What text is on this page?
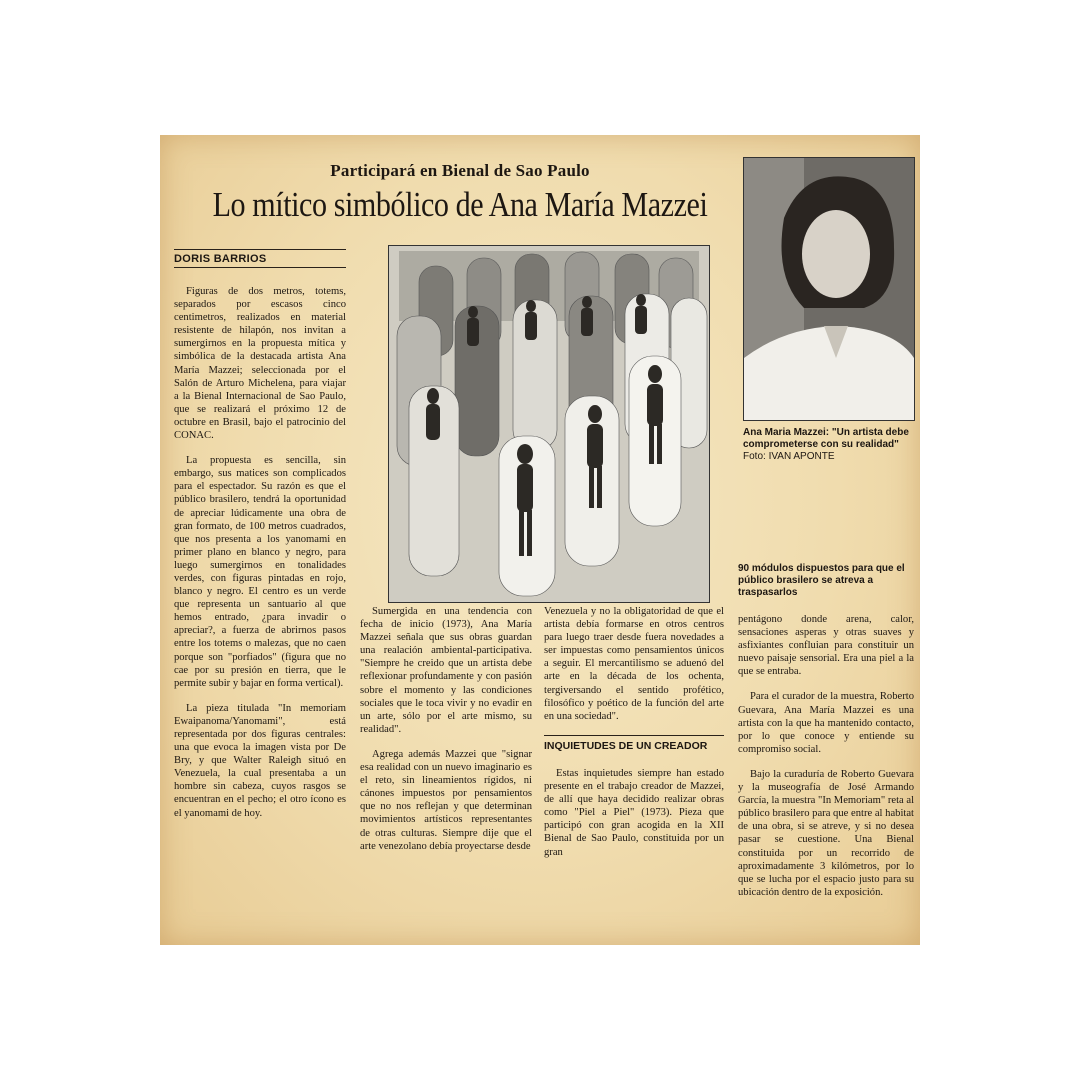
Participará en Bienal de Sao Paulo
Lo mítico simbólico de Ana María Mazzei
DORIS BARRIOS
Ana Maria Mazzei: "Un artista debe comprometerse con su realidad"
Foto: IVAN APONTE
90 módulos dispuestos para que el público brasilero se atreva a traspasarlos

Figuras de dos metros, totems, separados por escasos cinco centimetros, realizados en material resistente de hilapón, nos invitan a sumergirnos en la propuesta mítica y simbólica de la destacada artista Ana María Mazzei; seleccionada por el Salón de Arturo Michelena, para viajar a la Bienal Internacional de Sao Paulo, que se realizará el próximo 12 de octubre en Brasil, bajo el patrocinio del CONAC.

La propuesta es sencilla, sin embargo, sus matices son complicados para el espectador. Su razón es que el público brasilero, tendrá la oportunidad de apreciar lúdicamente una obra de gran formato, de 100 metros cuadrados, que nos presenta a los yanomami en primer plano en blanco y negro, para luego sumergirnos en tonalidades verdes, con figuras pintadas en rojo, blanco y negro. El centro es un verde que representa un santuario al que hemos entrado, ¿para invadir o apreciar?, a fuerza de abrirnos pasos entre los totems o malezas, que no caen porque son "porfiados" (figura que no cae por su presión en tierra, que le permite subir y bajar en forma vertical).

La pieza titulada "In memoriam Ewaipanoma/Yanomami", está representada por dos figuras centrales: una que evoca la imagen vista por De Bry, y que Walter Raleigh situó en Venezuela, la cual presentaba a un hombre sin cabeza, cuyos rasgos se encuentran en el pecho; el otro ícono es el yanomami de hoy.

Sumergida en una tendencia con fecha de inicio (1973), Ana María Mazzei señala que sus obras guardan una realación ambiental-participativa. "Siempre he creido que un artista debe reflexionar profundamente y con pasión sobre el momento y las condiciones sociales que le toca vivir y no evadir en un arte, sólo por el arte mismo, su realidad".

Agrega además Mazzei que "signar esa realidad con un nuevo imaginario es el reto, sin lineamientos rígidos, ni cánones impuestos por pensamientos que no nos reflejan y que determinan movimientos artísticos representantes de otras culturas. Siempre dije que el arte venezolano debía proyectarse desde

Venezuela y no la obligatoridad de que el artista debía formarse en otros centros para luego traer desde fuera novedades a ser impuestas como pensamientos únicos a seguir. El mercantilismo se aduenó del arte en la década de los ochenta, tergiversando el sentido profético, filosófico y poético de la función del arte en una sociedad".

INQUIETUDES DE UN CREADOR

Estas inquietudes siempre han estado presente en el trabajo creador de Mazzei, de allí que haya decidido realizar obras como "Piel a Piel" (1973). Pieza que participó con gran acogida en la XII Bienal de Sao Paulo, constituida por un gran

pentágono donde arena, calor, sensaciones asperas y otras suaves y asfixiantes confluian para constituir un nuevo paisaje sensorial. Era una piel a la que se entraba.

Para el curador de la muestra, Roberto Guevara, Ana María Mazzei es una artista con la que ha mantenido contacto, por lo que conoce y entiende su compromiso social.

Bajo la curaduría de Roberto Guevara y la museografía de José Armando García, la muestra "In Memoriam" reta al público brasilero para que entre al habitat de una obra, si se atreve, y si no desea pasar se cuestione. Una Bienal constituida por un recorrido de aproximadamente 3 kilómetros, por lo que se lucha por el espacio justo para su ubicación dentro de la exposición.
